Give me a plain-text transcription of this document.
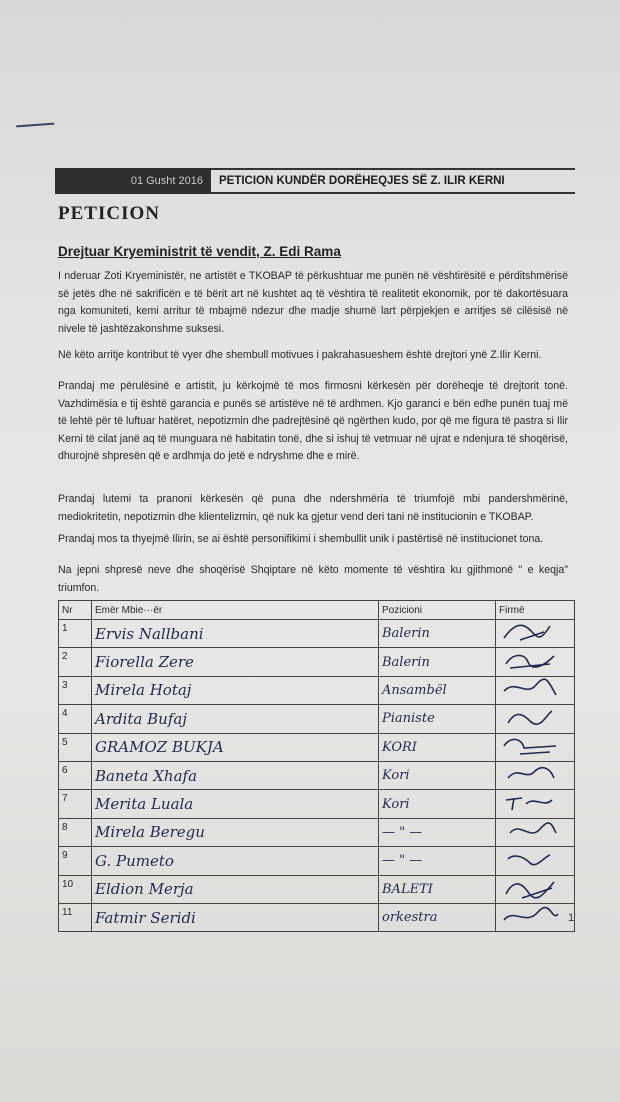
01 Gusht 2016	PETICION KUNDËR DORËHEQJES SË Z. ILIR KERNI
PETICION
Drejtuar Kryeministrit të vendit, Z. Edi Rama

I nderuar Zoti Kryeministër, ne artistët e TKOBAP të përkushtuar me punën në vështirësitë e përditshmërisë së jetës dhe në sakrificën e të bërit art në kushtet aq të vështira të realitetit ekonomik, por të dakortësuara nga komuniteti, kemi arritur të mbajmë ndezur dhe madje shumë lart përpjekjen e arritjes së cilësisë në nivele të jashtëzakonshme suksesi.

Në këto arritje kontribut të vyer dhe shembull motivues i pakrahasueshem është drejtori ynë Z.Ilir Kerni.

Prandaj me përulësinë e artistit, ju kërkojmë të mos firmosni kërkesën për dorëheqje të drejtorit tonë. Vazhdimësia e tij është garancia e punës së artistëve në të ardhmen. Kjo garanci e bën edhe punën tuaj më të lehtë për të luftuar hatëret, nepotizmin dhe padrejtësinë që ngërthen kudo, por që me figura të pastra si Ilir Kerni të cilat janë aq të munguara në habitatin tonë, dhe si ishuj të vetmuar në ujrat e ndenjura të shoqërisë, dhurojnë shpresën që e ardhmja do jetë e ndryshme dhe e mirë.

Prandaj lutemi ta pranoni kërkesën që puna dhe ndershmëria të triumfojë mbi pandershmërinë, mediokritetin, nepotizmin dhe klientelizmin, që nuk ka gjetur vend deri tani në institucionin e TKOBAP.

Prandaj mos ta thyejmë Ilirin, se ai është personifikimi i shembullit unik i pastërtisë në institucionet tona.

Na jepni shpresë neve dhe shoqërisë Shqiptare në këto momente të vështira ku gjithmonë " e keqja" triumfon.

Nr	Emër Mbie···ër	Pozicioni	Firmë
1	Ervis Nallbani	Balerin	

2	Fiorella Zere	Balerin	

3	Mirela Hotaj	Ansambël	

4	Ardita Bufaj	Pianiste	

5	GRAMOZ BUKJA	KORI	

6	Baneta Xhafa	Kori	

7	Merita Luala	Kori	

8	Mirela Beregu	— " —	

9	G. Pumeto	— " —	

10	Eldion Merja	BALETI	

11	Fatmir Seridi	orkestra		1
